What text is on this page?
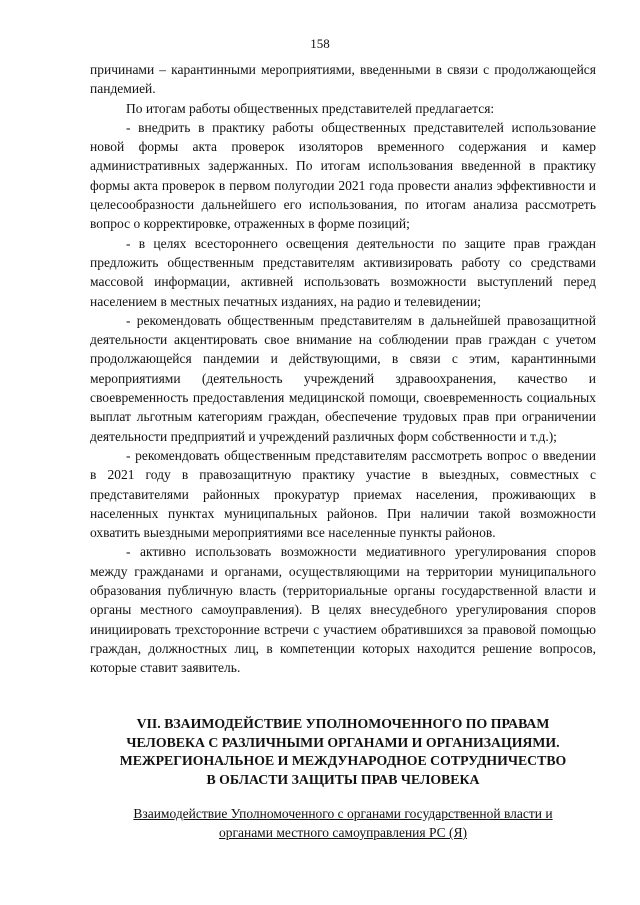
158

причинами – карантинными мероприятиями, введенными в связи с продолжающейся пандемией.

По итогам работы общественных представителей предлагается:

- внедрить в практику работы общественных представителей использование новой формы акта проверок изоляторов временного содержания и камер административных задержанных. По итогам использования введенной в практику формы акта проверок в первом полугодии 2021 года провести анализ эффективности и целесообразности дальнейшего его использования, по итогам анализа рассмотреть вопрос о корректировке, отраженных в форме позиций;

- в целях всестороннего освещения деятельности по защите прав граждан предложить общественным представителям активизировать работу со средствами массовой информации, активней использовать возможности выступлений перед населением в местных печатных изданиях, на радио и телевидении;

- рекомендовать общественным представителям в дальнейшей правозащитной деятельности акцентировать свое внимание на соблюдении прав граждан с учетом продолжающейся пандемии и действующими, в связи с этим, карантинными мероприятиями (деятельность учреждений здравоохранения, качество и своевременность предоставления медицинской помощи, своевременность социальных выплат льготным категориям граждан, обеспечение трудовых прав при ограничении деятельности предприятий и учреждений различных форм собственности и т.д.);

- рекомендовать общественным представителям рассмотреть вопрос о введении в 2021 году в правозащитную практику участие в выездных, совместных с представителями районных прокуратур приемах населения, проживающих в населенных пунктах муниципальных районов. При наличии такой возможности охватить выездными мероприятиями все населенные пункты районов.

- активно использовать возможности медиативного урегулирования споров между гражданами и органами, осуществляющими на территории муниципального образования публичную власть (территориальные органы государственной власти и органы местного самоуправления). В целях внесудебного урегулирования споров инициировать трехсторонние встречи с участием обратившихся за правовой помощью граждан, должностных лиц, в компетенции которых находится решение вопросов, которые ставит заявитель.

VII. ВЗАИМОДЕЙСТВИЕ УПОЛНОМОЧЕННОГО ПО ПРАВАМ
ЧЕЛОВЕКА С РАЗЛИЧНЫМИ ОРГАНАМИ И ОРГАНИЗАЦИЯМИ.
МЕЖРЕГИОНАЛЬНОЕ И МЕЖДУНАРОДНОЕ СОТРУДНИЧЕСТВО
В ОБЛАСТИ ЗАЩИТЫ ПРАВ ЧЕЛОВЕКА
Взаимодействие Уполномоченного с органами государственной власти и
органами местного самоуправления РС (Я)
